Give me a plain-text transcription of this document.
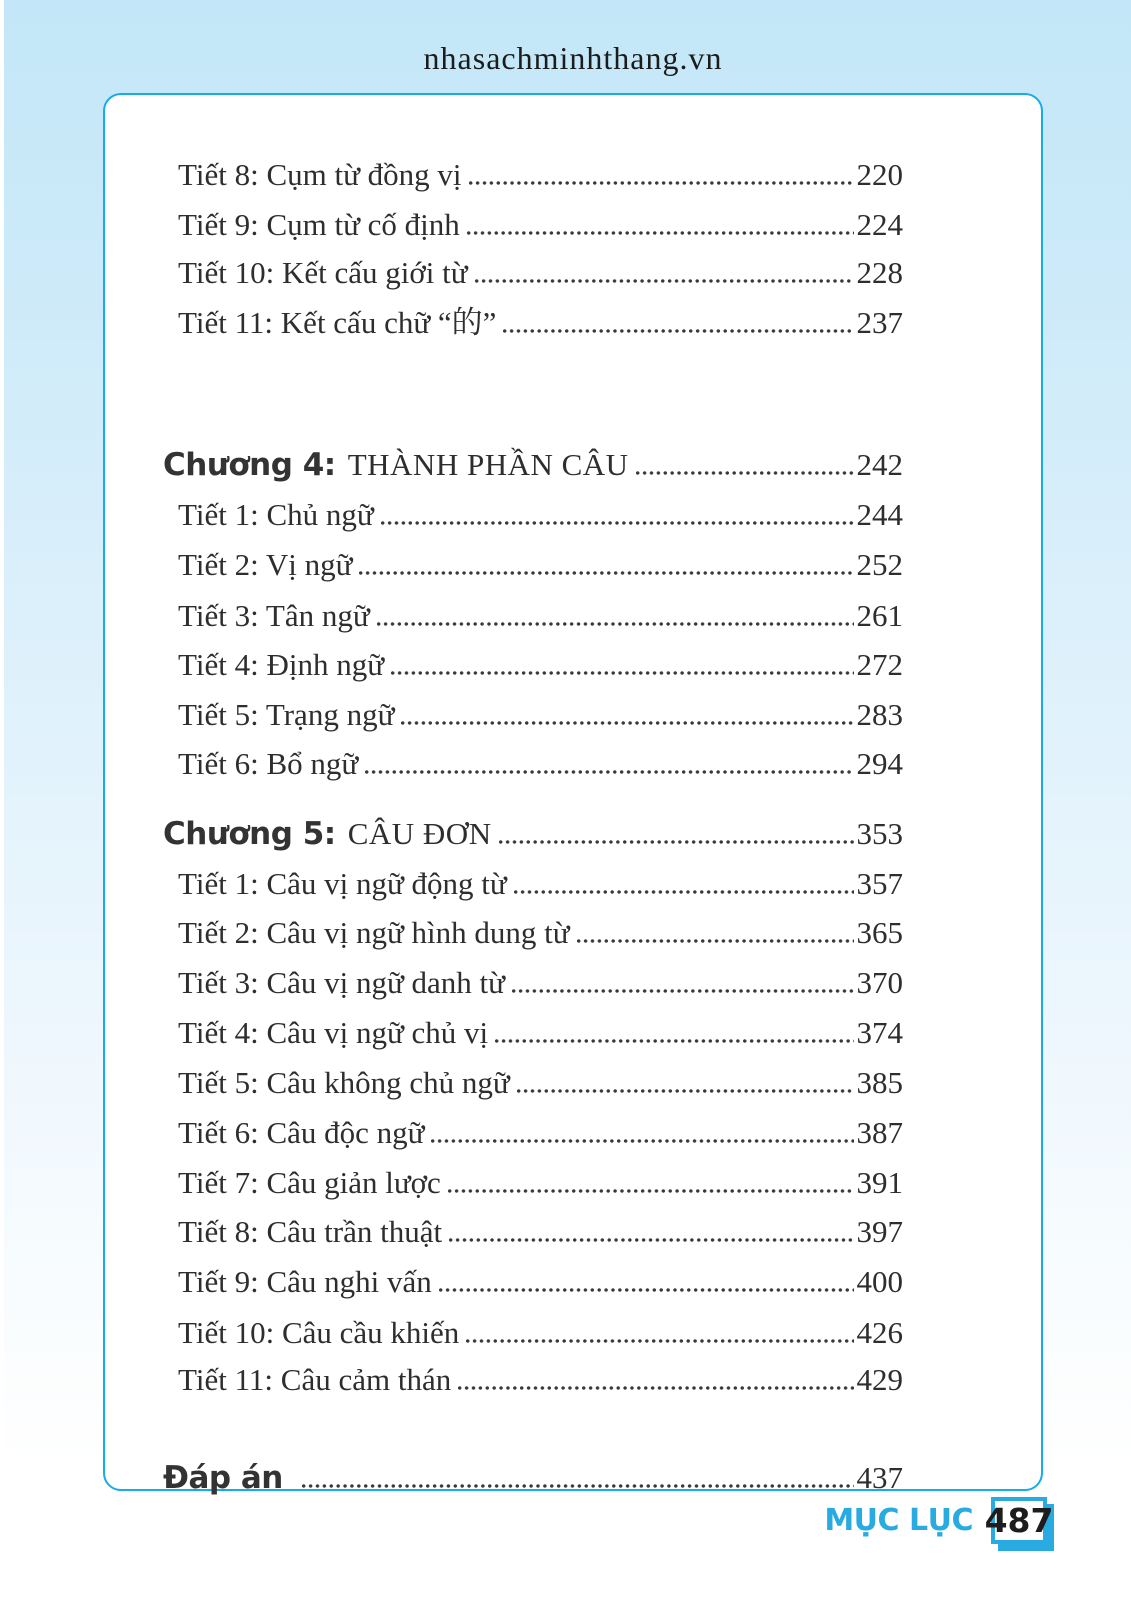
nhasachminhthang.vn
Tiết 8: Cụm từ đồng vị	220
Tiết 9: Cụm từ cố định	224
Tiết 10: Kết cấu giới từ	228
Tiết 11: Kết cấu chữ “的”	237
Chương 4: THÀNH PHẦN CÂU	242
Tiết 1: Chủ ngữ	244
Tiết 2: Vị ngữ	252
Tiết 3: Tân ngữ	261
Tiết 4: Định ngữ	272
Tiết 5: Trạng ngữ	283
Tiết 6: Bổ ngữ	294
Chương 5: CÂU ĐƠN	353
Tiết 1: Câu vị ngữ động từ	357
Tiết 2: Câu vị ngữ hình dung từ	365
Tiết 3: Câu vị ngữ danh từ	370
Tiết 4: Câu vị ngữ chủ vị	374
Tiết 5: Câu không chủ ngữ	385
Tiết 6: Câu độc ngữ	387
Tiết 7: Câu giản lược	391
Tiết 8: Câu trần thuật	397
Tiết 9: Câu nghi vấn	400
Tiết 10: Câu cầu khiến	426
Tiết 11: Câu cảm thán	429
Đáp án	437
MỤC LỤC 487
